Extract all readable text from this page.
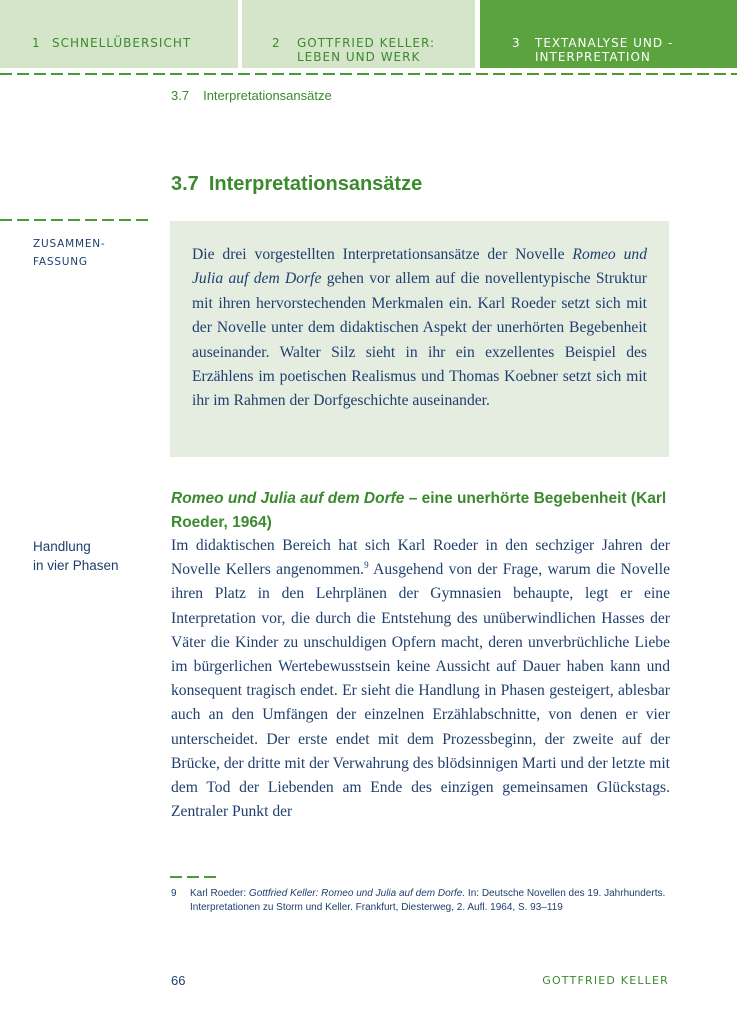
1 SCHNELLÜBERSICHT	2 GOTTFRIED KELLER: LEBEN UND WERK
3 TEXTANALYSE UND -INTERPRETATION
3.7 Interpretationsansätze
3.7 Interpretationsansätze
ZUSAMMEN-
FASSUNG	Die drei vorgestellten Interpretationsansätze der Novelle Romeo und Julia auf dem Dorfe gehen vor allem auf die novellentypische Struktur mit ihren hervorstechenden Merkmalen ein. Karl Roeder setzt sich mit der Novelle unter dem didaktischen Aspekt der unerhörten Begebenheit auseinander. Walter Silz sieht in ihr ein exzellentes Beispiel des Erzählens im poetischen Realismus und Thomas Koebner setzt sich mit ihr im Rahmen der Dorfgeschichte auseinander.
Romeo und Julia auf dem Dorfe – eine unerhörte Begebenheit (Karl Roeder, 1964)
Handlung
in vier Phasen
Im didaktischen Bereich hat sich Karl Roeder in den sechziger Jahren der Novelle Kellers angenommen.$^9$ Ausgehend von der Frage, warum die Novelle ihren Platz in den Lehrplänen der Gymnasien behaupte, legt er eine Interpretation vor, die durch die Entstehung des unüberwindlichen Hasses der Väter die Kinder zu unschuldigen Opfern macht, deren unverbrüchliche Liebe im bürgerlichen Wertebewusstsein keine Aussicht auf Dauer haben kann und konsequent tragisch endet. Er sieht die Handlung in Phasen gesteigert, ablesbar auch an den Umfängen der einzelnen Erzählabschnitte, von denen er vier unterscheidet. Der erste endet mit dem Prozessbeginn, der zweite auf der Brücke, der dritte mit der Verwahrung des blödsinnigen Marti und der letzte mit dem Tod der Liebenden am Ende des einzigen gemeinsamen Glückstags. Zentraler Punkt der
9 Karl Roeder: Gottfried Keller: Romeo und Julia auf dem Dorfe. In: Deutsche Novellen des 19. Jahrhunderts. Interpretationen zu Storm und Keller. Frankfurt, Diesterweg, 2. Aufl. 1964, S. 93–119
66	GOTTFRIED KELLER
